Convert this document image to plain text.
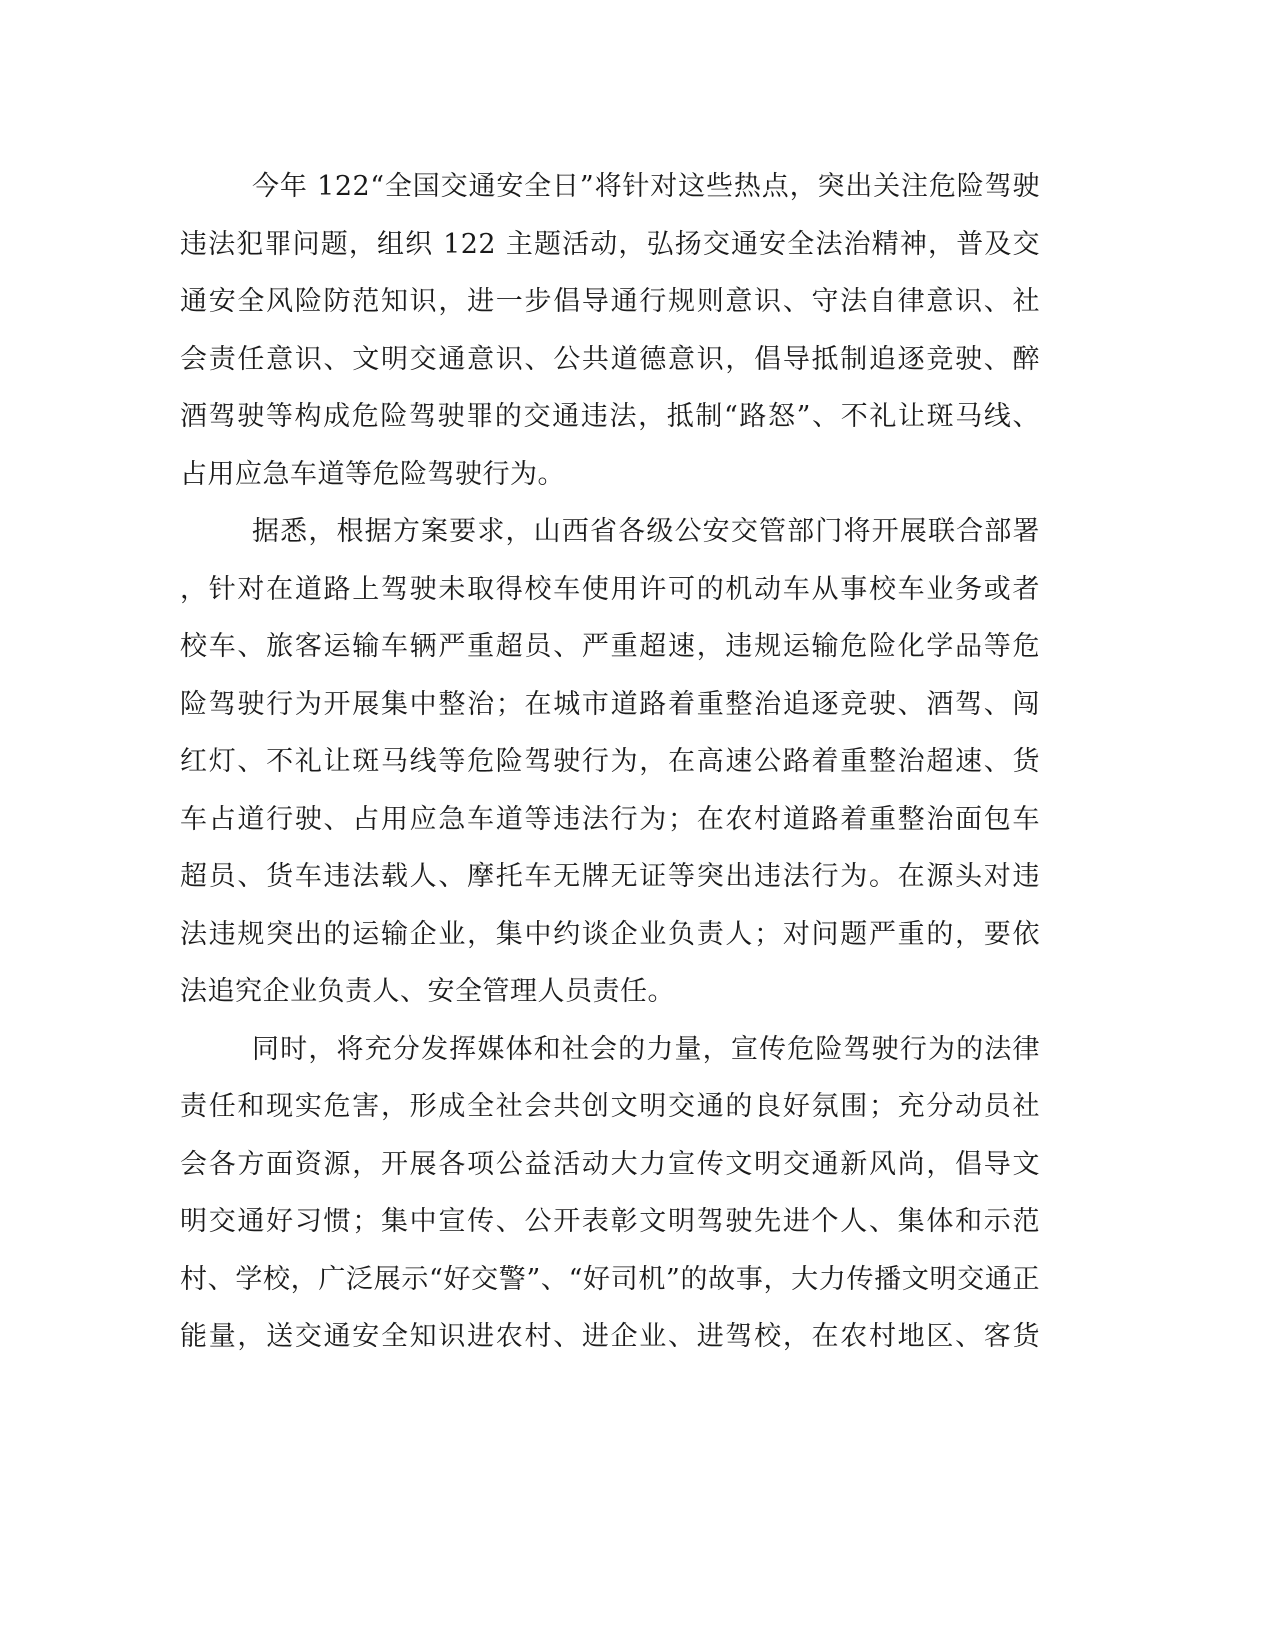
今年 122“全国交通安全日”将针对这些热点，突出关注危险驾驶
违法犯罪问题，组织 122 主题活动，弘扬交通安全法治精神，普及交
通安全风险防范知识，进一步倡导通行规则意识、守法自律意识、社
会责任意识、文明交通意识、公共道德意识，倡导抵制追逐竞驶、醉
酒驾驶等构成危险驾驶罪的交通违法，抵制“路怒”、不礼让斑马线、
占用应急车道等危险驾驶行为。
据悉，根据方案要求，山西省各级公安交管部门将开展联合部署
，针对在道路上驾驶未取得校车使用许可的机动车从事校车业务或者
校车、旅客运输车辆严重超员、严重超速，违规运输危险化学品等危
险驾驶行为开展集中整治；在城市道路着重整治追逐竞驶、酒驾、闯
红灯、不礼让斑马线等危险驾驶行为，在高速公路着重整治超速、货
车占道行驶、占用应急车道等违法行为；在农村道路着重整治面包车
超员、货车违法载人、摩托车无牌无证等突出违法行为。在源头对违
法违规突出的运输企业，集中约谈企业负责人；对问题严重的，要依
法追究企业负责人、安全管理人员责任。
同时，将充分发挥媒体和社会的力量，宣传危险驾驶行为的法律
责任和现实危害，形成全社会共创文明交通的良好氛围；充分动员社
会各方面资源，开展各项公益活动大力宣传文明交通新风尚，倡导文
明交通好习惯；集中宣传、公开表彰文明驾驶先进个人、集体和示范
村、学校，广泛展示“好交警”、“好司机”的故事，大力传播文明交通正
能量，送交通安全知识进农村、进企业、进驾校，在农村地区、客货
